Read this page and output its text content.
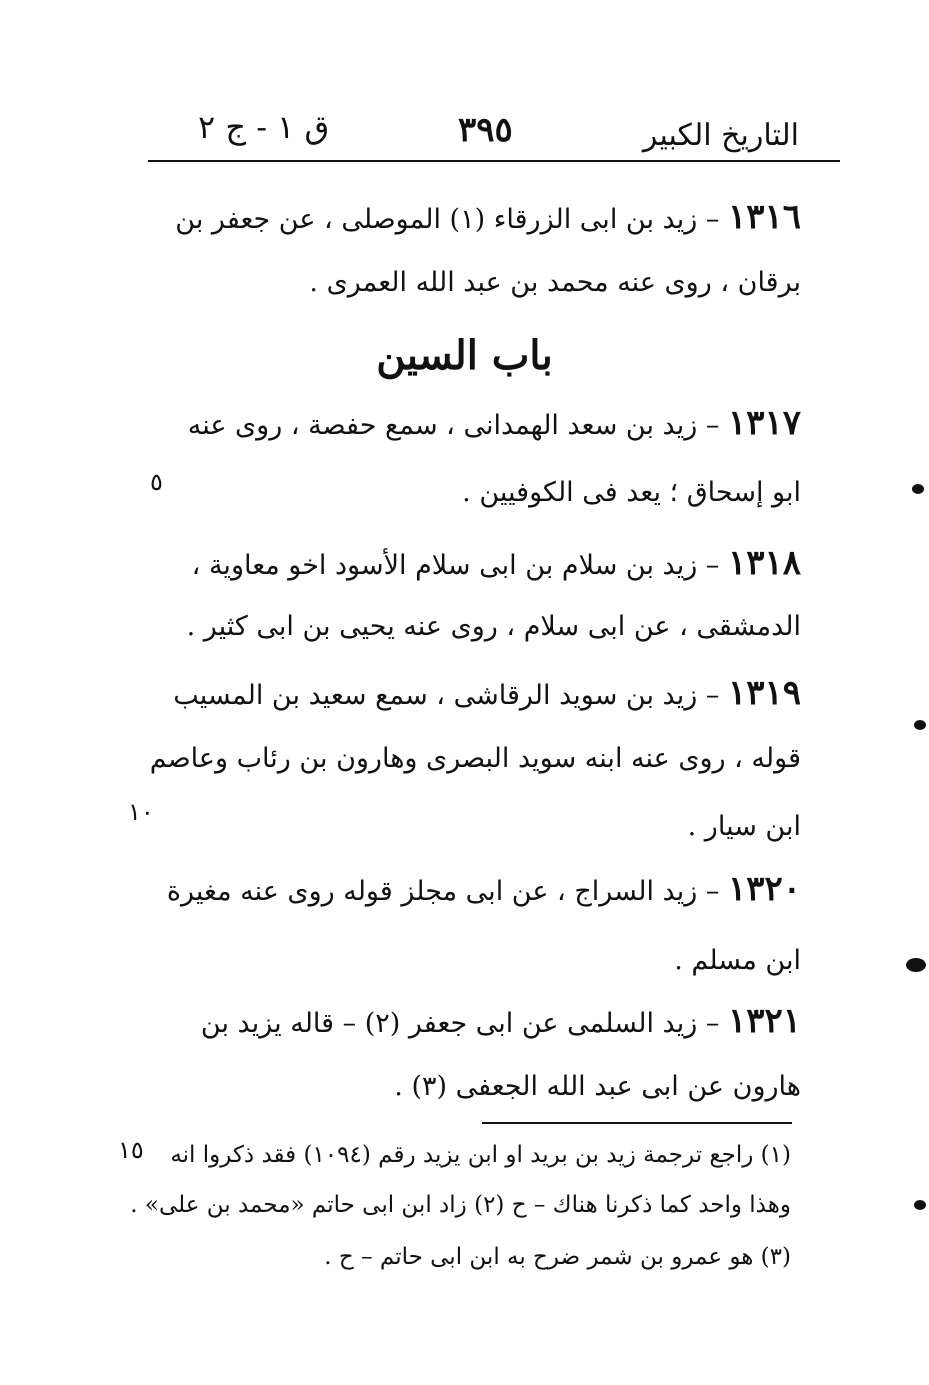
التاريخ الكبير
٣٩٥
ق ١ - ج ٢
١٣١٦ – زيد بن ابى الزرقاء (١) الموصلى ، عن جعفر بن
برقان ، روى عنه محمد بن عبد الله العمرى .
باب السين
١٣١٧ – زيد بن سعد الهمدانى ، سمع حفصة ، روى عنه
ابو إسحاق ؛ يعد فى الكوفيين .
١٣١٨ – زيد بن سلام بن ابى سلام الأسود اخو معاوية ،
الدمشقى ، عن ابى سلام ، روى عنه يحيى بن ابى كثير .
١٣١٩ – زيد بن سويد الرقاشى ، سمع سعيد بن المسيب
قوله ، روى عنه ابنه سويد البصرى وهارون بن رئاب وعاصم
ابن سيار .
١٣٢٠ – زيد السراج ، عن ابى مجلز قوله روى عنه مغيرة
ابن مسلم .
١٣٢١ – زيد السلمى عن ابى جعفر (٢) – قاله يزيد بن
هارون عن ابى عبد الله الجعفى (٣) .
٥
١٠
١٥ (١) راجع ترجمة زيد بن بريد او ابن يزيد رقم (١٠٩٤) فقد ذكروا انه
وهذا واحد كما ذكرنا هناك – ح (٢) زاد ابن ابى حاتم «محمد بن على» .
(٣) هو عمرو بن شمر ضرح به ابن ابى حاتم – ح .
